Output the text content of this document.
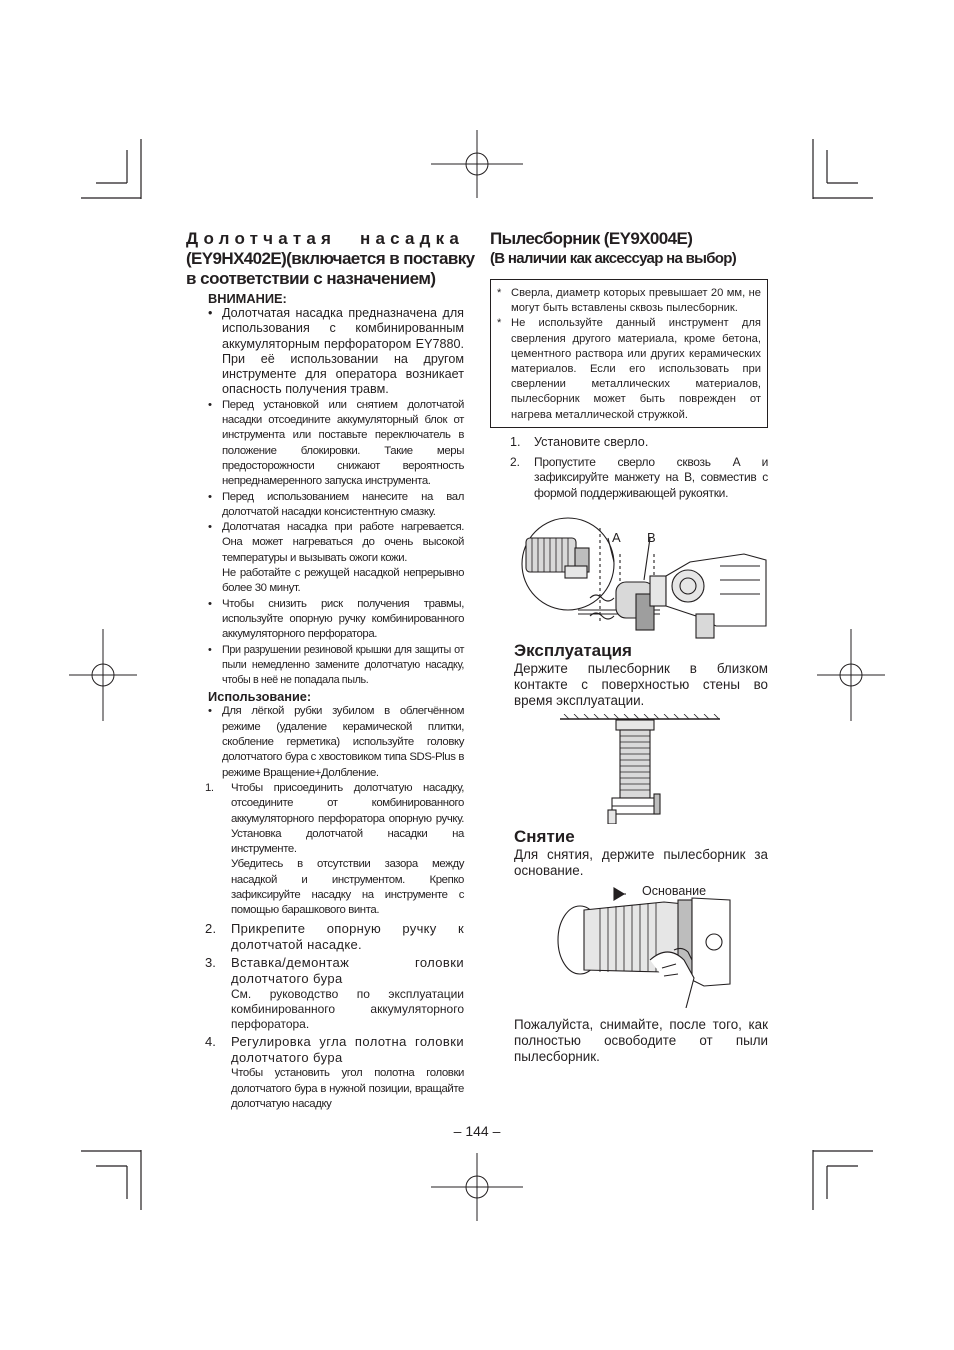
Долотчатая насадка
(EY9HX402E)(включается в поставку
в соответствии с назначением)
ВНИМАНИЕ:
• Долотчатая насадка предназначена для использования с комбинированным аккумуляторным перфоратором EY7880. При её использовании на другом инструменте для оператора возникает опасность получения травм.
• Перед установкой или снятием долотчатой насадки отсоедините аккумуляторный блок от инструмента или поставьте переключатель в положение блокировки. Такие меры предосторожности снижают вероятность непреднамеренного запуска инструмента.
• Перед использованием нанесите на вал долотчатой насадки консистентную смазку.
• Долотчатая насадка при работе нагревается. Она может нагреваться до очень высокой температуры и вызывать ожоги кожи.
Не работайте с режущей насадкой непрерывно более 30 минут.
• Чтобы снизить риск получения травмы, используйте опорную ручку комбинированного аккумуляторного перфоратора.
• При разрушении резиновой крышки для защиты от пыли немедленно замените долотчатую насадку, чтобы в неё не попадала пыль.
Использование:
• Для лёгкой рубки зубилом в облегчённом режиме (удаление керамической плитки, скобление герметика) используйте головку долотчатого бура с хвостовиком типа SDS-Plus в режиме Вращение+Долбление.
1. Чтобы присоединить долотчатую насадку, отсоедините от комбинированного аккумуляторного перфоратора опорную ручку. Установка долотчатой насадки на инструменте.
Убедитесь в отсутствии зазора между насадкой и инструментом. Крепко зафиксируйте насадку на инструменте с помощью барашкового винта.
2. Прикрепите опорную ручку к долотчатой насадке.
3. Вставка/демонтаж головки долотчатого бура
См. руководство по эксплуатации комбинированного аккумуляторного перфоратора.
4. Регулировка угла полотна головки долотчатого бура
Чтобы установить угол полотна головки долотчатого бура в нужной позиции, вращайте долотчатую насадку
Пылесборник (EY9X004E)
(В наличии как аксессуар на выбор)
* Сверла, диаметр которых превышает 20 мм, не могут быть вставлены сквозь пылесборник.
* Не используйте данный инструмент для сверления другого материала, кроме бетона, цементного раствора или других керамических материалов. Если его использовать при сверлении металлических материалов, пылесборник может быть поврежден от нагрева металлической стружкой.
1. Установите сверло.
2. Пропустите сверло сквозь A и зафиксируйте манжету на B, совместив с формой поддерживающей рукоятки.
A B
Эксплуатация
Держите пылесборник в близком контакте с поверхностью стены во время эксплуатации.
Снятие
Для снятия, держите пылесборник за основание.
Основание
Пожалуйста, снимайте, после того, как полностью освободите от пыли пылесборник.
– 144 –
